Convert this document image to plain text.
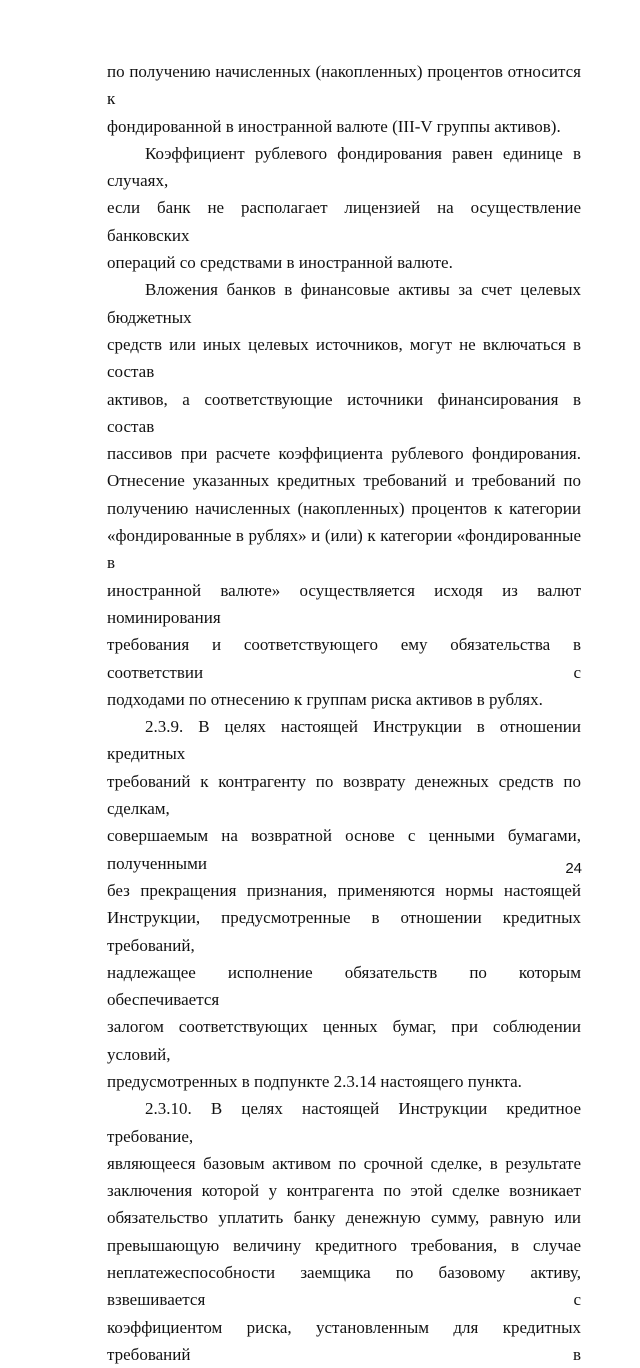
по получению начисленных (накопленных) процентов относится к
фондированной в иностранной валюте (III-V группы активов).

Коэффициент рублевого фондирования равен единице в случаях,
если банк не располагает лицензией на осуществление банковских
операций со средствами в иностранной валюте.

Вложения банков в финансовые активы за счет целевых бюджетных
средств или иных целевых источников, могут не включаться в состав
активов, а соответствующие источники финансирования в состав
пассивов при расчете коэффициента рублевого фондирования.
Отнесение указанных кредитных требований и требований по
получению начисленных (накопленных) процентов к категории
«фондированные в рублях» и (или) к категории «фондированные в
иностранной валюте» осуществляется исходя из валют номинирования
требования и соответствующего ему обязательства в соответствии с
подходами по отнесению к группам риска активов в рублях.

2.3.9. В целях настоящей Инструкции в отношении кредитных
требований к контрагенту по возврату денежных средств по сделкам,
совершаемым на возвратной основе с ценными бумагами, полученными
без прекращения признания, применяются нормы настоящей
Инструкции, предусмотренные в отношении кредитных требований,
надлежащее исполнение обязательств по которым обеспечивается
залогом соответствующих ценных бумаг, при соблюдении условий,
предусмотренных в подпункте 2.3.14 настоящего пункта.

2.3.10. В целях настоящей Инструкции кредитное требование,
являющееся базовым активом по срочной сделке, в результате
заключения которой у контрагента по этой сделке возникает
обязательство уплатить банку денежную сумму, равную или
превышающую величину кредитного требования, в случае
неплатежеспособности заемщика по базовому активу, взвешивается с
коэффициентом риска, установленным для кредитных требований в

24
